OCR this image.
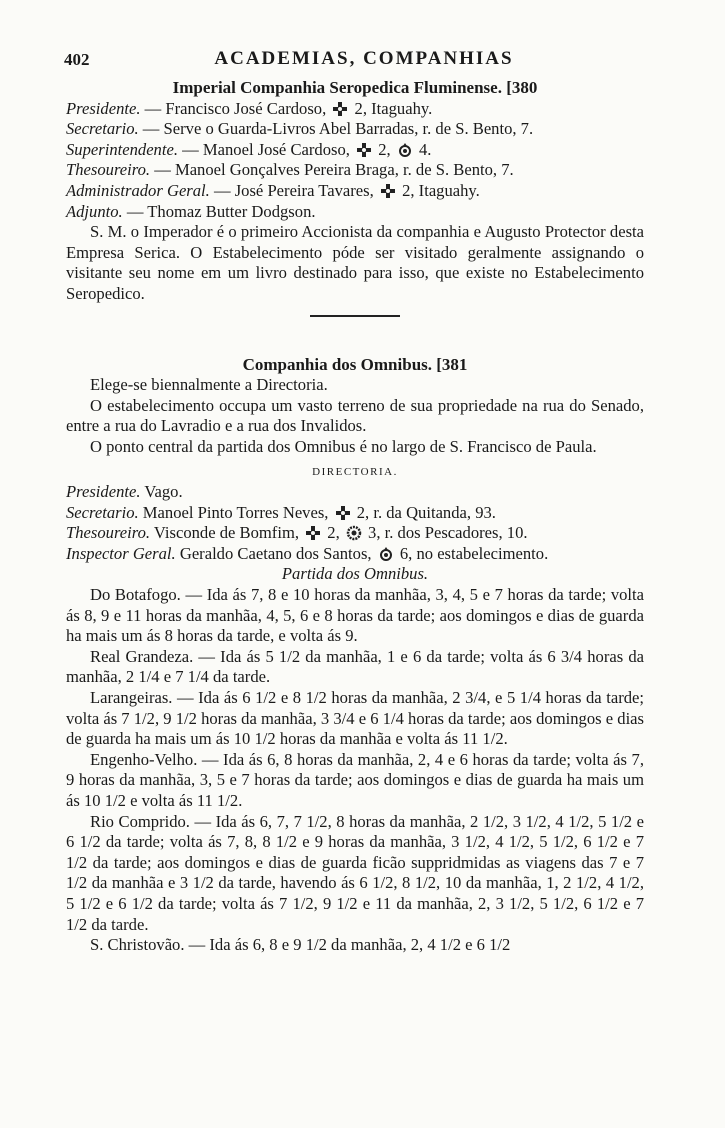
402	ACADEMIAS, COMPANHIAS
Imperial Companhia Seropedica Fluminense. [380

Presidente. — Francisco José Cardoso,
2, Itaguahy.

Secretario. — Serve o Guarda-Livros Abel Barradas, r. de S. Bento, 7.

Superintendente. — Manoel José Cardoso,
2,
4.

Thesoureiro. — Manoel Gonçalves Pereira Braga, r. de S. Bento, 7.

Administrador Geral. — José Pereira Tavares,
2, Itaguahy.

Adjunto. — Thomaz Butter Dodgson.

S. M. o Imperador é o primeiro Accionista da companhia e Augusto Protector desta Empresa Serica. O Estabelecimento póde ser visitado geralmente assignando o visitante seu nome em um livro destinado para isso, que existe no Estabelecimento Seropedico.

Companhia dos Omnibus. [381

Elege-se biennalmente a Directoria.

O estabelecimento occupa um vasto terreno de sua propriedade na rua do Senado, entre a rua do Lavradio e a rua dos Invalidos.

O ponto central da partida dos Omnibus é no largo de S. Francisco de Paula.

DIRECTORIA.

Presidente. Vago.

Secretario. Manoel Pinto Torres Neves,
2, r. da Quitanda, 93.

Thesoureiro. Visconde de Bomfim,
2,
3, r. dos Pescadores, 10.

Inspector Geral. Geraldo Caetano dos Santos,
6, no estabelecimento.

Partida dos Omnibus.

Do Botafogo. — Ida ás 7, 8 e 10 horas da manhãa, 3, 4, 5 e 7 horas da tarde; volta ás 8, 9 e 11 horas da manhãa, 4, 5, 6 e 8 horas da tarde; aos domingos e dias de guarda ha mais um ás 8 horas da tarde, e volta ás 9.

Real Grandeza. — Ida ás 5 1/2 da manhãa, 1 e 6 da tarde; volta ás 6 3/4 horas da manhãa, 2 1/4 e 7 1/4 da tarde.

Larangeiras. — Ida ás 6 1/2 e 8 1/2 horas da manhãa, 2 3/4, e 5 1/4 horas da tarde; volta ás 7 1/2, 9 1/2 horas da manhãa, 3 3/4 e 6 1/4 horas da tarde; aos domingos e dias de guarda ha mais um ás 10 1/2 horas da manhãa e volta ás 11 1/2.

Engenho-Velho. — Ida ás 6, 8 horas da manhãa, 2, 4 e 6 horas da tarde; volta ás 7, 9 horas da manhãa, 3, 5 e 7 horas da tarde; aos domingos e dias de guarda ha mais um ás 10 1/2 e volta ás 11 1/2.

Rio Comprido. — Ida ás 6, 7, 7 1/2, 8 horas da manhãa, 2 1/2, 3 1/2, 4 1/2, 5 1/2 e 6 1/2 da tarde; volta ás 7, 8, 8 1/2 e 9 horas da manhãa, 3 1/2, 4 1/2, 5 1/2, 6 1/2 e 7 1/2 da tarde; aos domingos e dias de guarda ficão suppridmidas as viagens das 7 e 7 1/2 da manhãa e 3 1/2 da tarde, havendo ás 6 1/2, 8 1/2, 10 da manhãa, 1, 2 1/2, 4 1/2, 5 1/2 e 6 1/2 da tarde; volta ás 7 1/2, 9 1/2 e 11 da manhãa, 2, 3 1/2, 5 1/2, 6 1/2 e 7 1/2 da tarde.

S. Christovão. — Ida ás 6, 8 e 9 1/2 da manhãa, 2, 4 1/2 e 6 1/2
